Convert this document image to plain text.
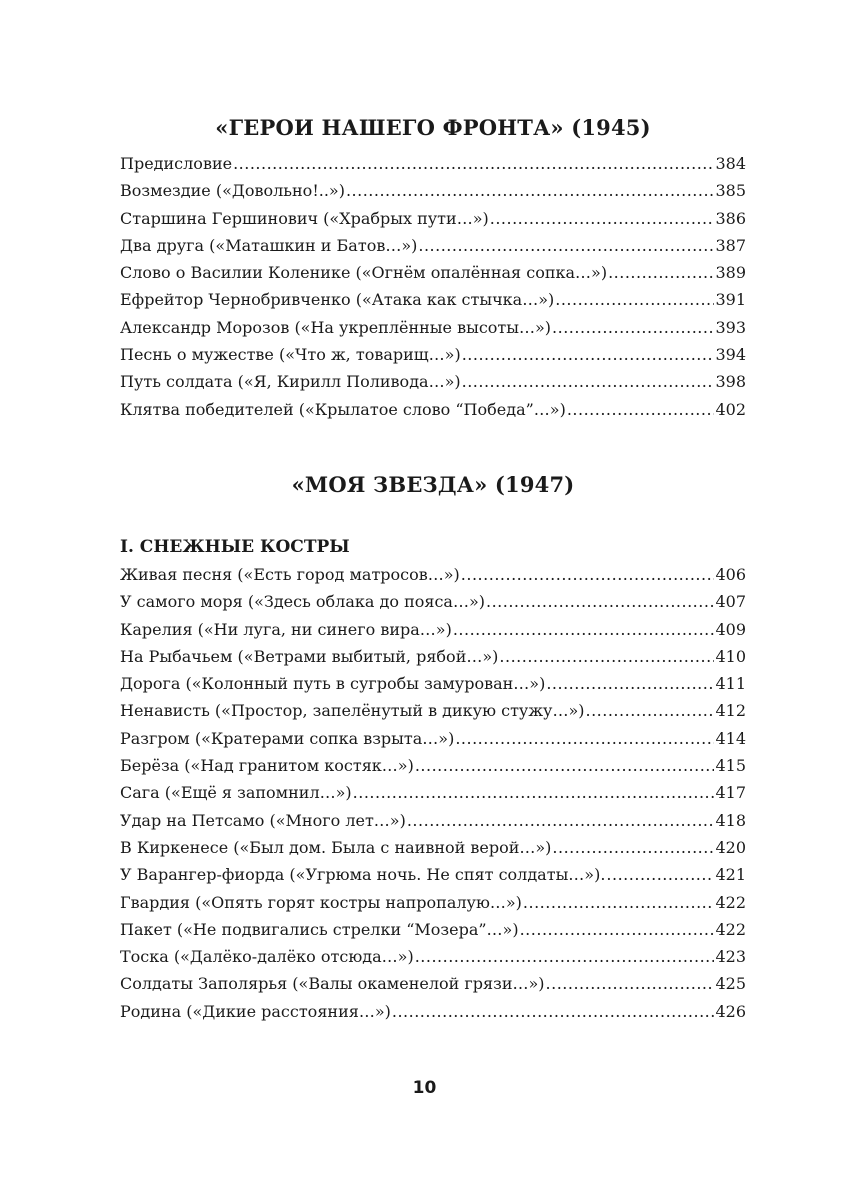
«ГЕРОИ НАШЕГО ФРОНТА» (1945)
Предисловие .....	384
Возмездие («Довольно!..») .....	385
Старшина Гершинович («Храбрых пути…») .....	386
Два друга («Маташкин и Батов…») .....	387
Слово о Василии Коленике («Огнём опалённая сопка…») .....	389
Ефрейтор Чернобривченко («Атака как стычка…») .....	391
Александр Морозов («На укреплённые высоты…») .....	393
Песнь о мужестве («Что ж, товарищ…») .....	394
Путь солдата («Я, Кирилл Поливода…») .....	398
Клятва победителей («Крылатое слово “Победа”…») .....	402
«МОЯ ЗВЕЗДА» (1947)
I. СНЕЖНЫЕ КОСТРЫ
Живая песня («Есть город матросов…») .....	406
У самого моря («Здесь облака до пояса…») .....	407
Карелия («Ни луга, ни синего вира…») .....	409
На Рыбачьем («Ветрами выбитый, рябой…») .....	410
Дорога («Колонный путь в сугробы замурован…») .....	411
Ненависть («Простор, запелёнутый в дикую стужу…») .....	412
Разгром («Кратерами сопка взрыта…») .....	414
Берёза («Над гранитом костяк…») .....	415
Сага («Ещё я запомнил…») .....	417
Удар на Петсамо («Много лет…») .....	418
В Киркенесе («Был дом. Была с наивной верой…») .....	420
У Варангер-фиорда («Угрюма ночь. Не спят солдаты…»). .....	421
Гвардия («Опять горят костры напропалую…») .....	422
Пакет («Не подвигались стрелки “Мозера”…») .....	422
Тоска («Далёко-далёко отсюда…») .....	423
Солдаты Заполярья («Валы окаменелой грязи…») .....	425
Родина («Дикие расстояния…») .....	426
10
